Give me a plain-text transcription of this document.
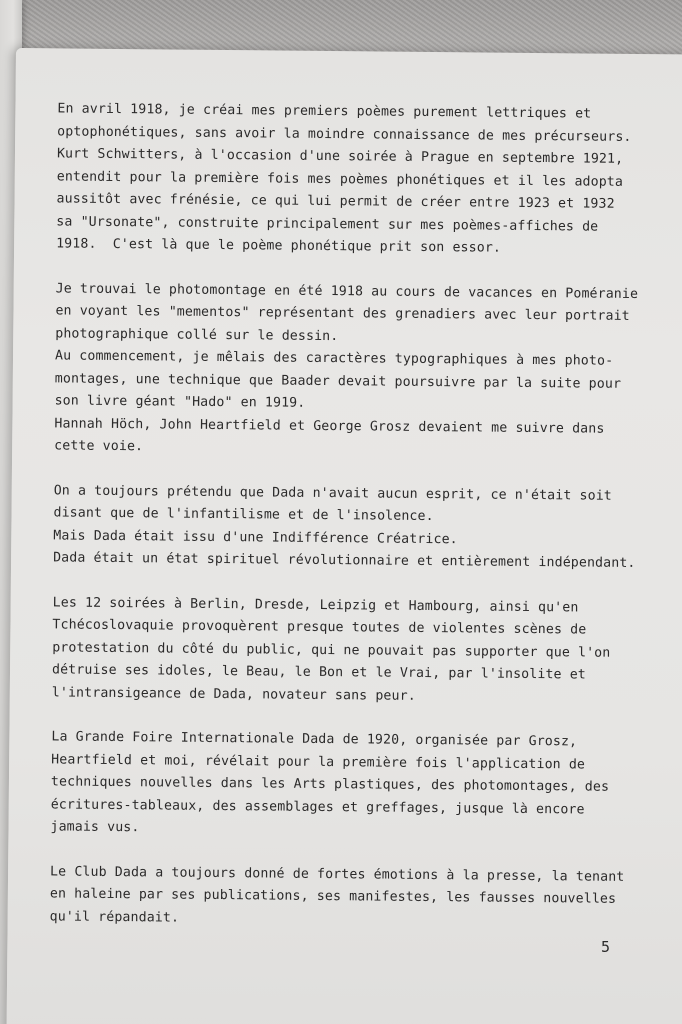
En avril 1918, je créai mes premiers poèmes purement lettriques et
optophonétiques, sans avoir la moindre connaissance de mes précurseurs.
Kurt Schwitters, à l'occasion d'une soirée à Prague en septembre 1921,
entendit pour la première fois mes poèmes phonétiques et il les adopta
aussitôt avec frénésie, ce qui lui permit de créer entre 1923 et 1932
sa "Ursonate", construite principalement sur mes poèmes-affiches de
1918.  C'est là que le poème phonétique prit son essor.
Je trouvai le photomontage en été 1918 au cours de vacances en Poméranie
en voyant les "mementos" représentant des grenadiers avec leur portrait
photographique collé sur le dessin.
Au commencement, je mêlais des caractères typographiques à mes photo-
montages, une technique que Baader devait poursuivre par la suite pour
son livre géant "Hado" en 1919.
Hannah Höch, John Heartfield et George Grosz devaient me suivre dans
cette voie.
On a toujours prétendu que Dada n'avait aucun esprit, ce n'était soit
disant que de l'infantilisme et de l'insolence.
Mais Dada était issu d'une Indifférence Créatrice.
Dada était un état spirituel révolutionnaire et entièrement indépendant.
Les 12 soirées à Berlin, Dresde, Leipzig et Hambourg, ainsi qu'en
Tchécoslovaquie provoquèrent presque toutes de violentes scènes de
protestation du côté du public, qui ne pouvait pas supporter que l'on
détruise ses idoles, le Beau, le Bon et le Vrai, par l'insolite et
l'intransigeance de Dada, novateur sans peur.
La Grande Foire Internationale Dada de 1920, organisée par Grosz,
Heartfield et moi, révélait pour la première fois l'application de
techniques nouvelles dans les Arts plastiques, des photomontages, des
écritures-tableaux, des assemblages et greffages, jusque là encore
jamais vus.
Le Club Dada a toujours donné de fortes émotions à la presse, la tenant
en haleine par ses publications, ses manifestes, les fausses nouvelles
qu'il répandait.
5
